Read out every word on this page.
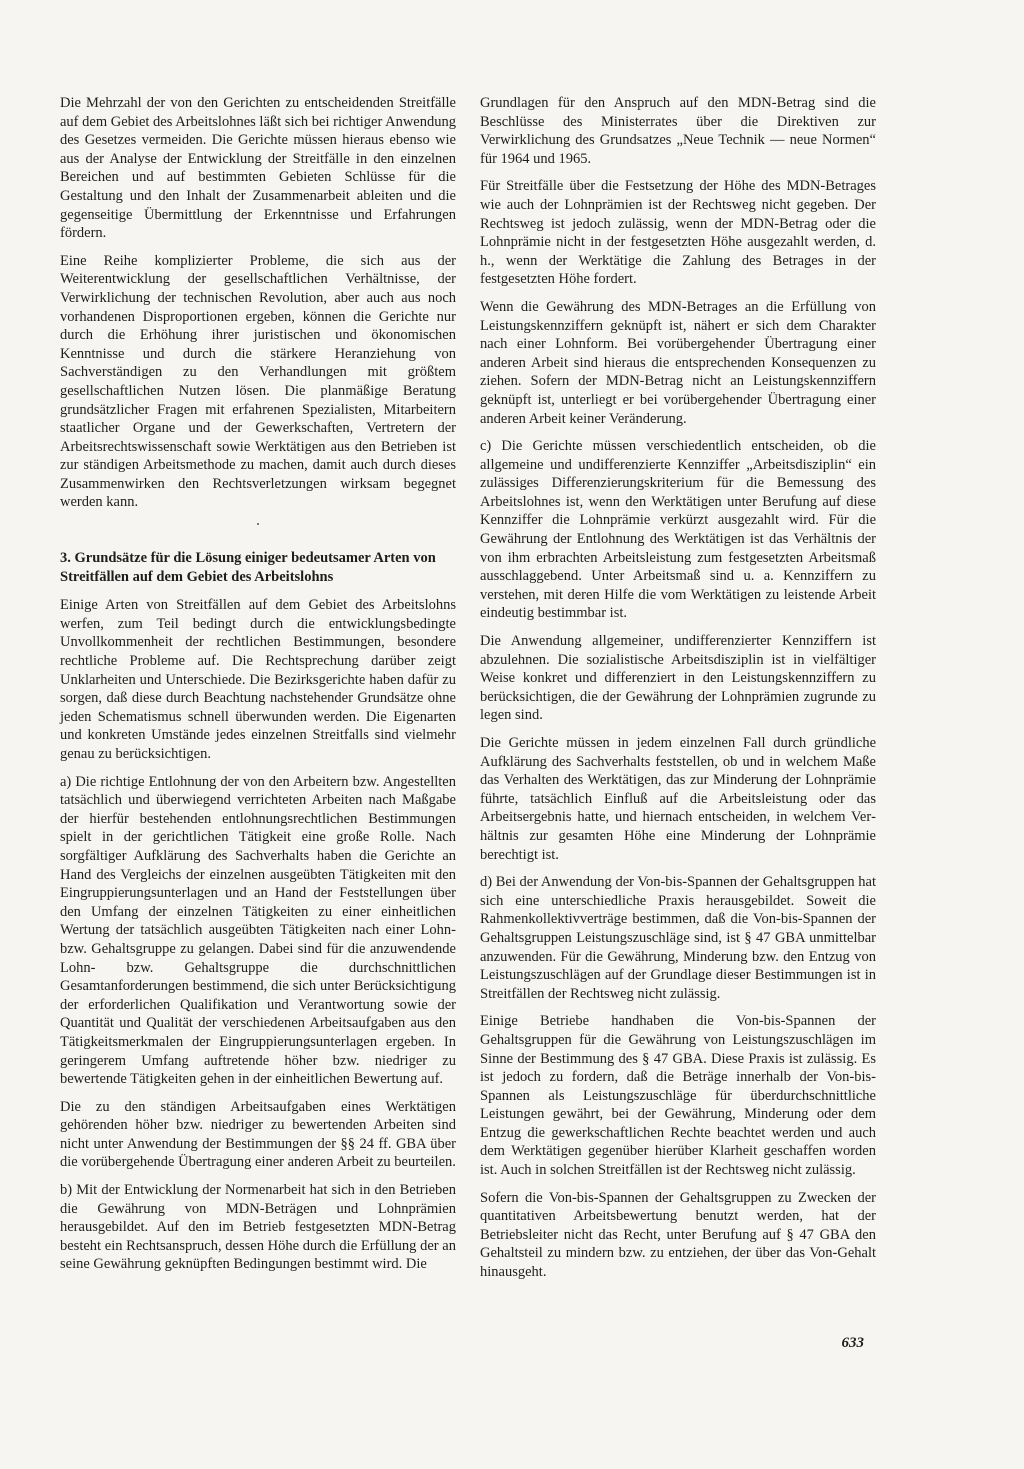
Die Mehrzahl der von den Gerichten zu entscheidenden Streitfälle auf dem Gebiet des Arbeitslohnes läßt sich bei richtiger Anwendung des Gesetzes vermeiden. Die Gerichte müssen hieraus ebenso wie aus der Analyse der Entwicklung der Streitfälle in den einzelnen Bereichen und auf bestimmten Gebieten Schlüsse für die Gestaltung und den Inhalt der Zusammenarbeit ableiten und die gegenseitige Übermittlung der Erkenntnisse und Erfahrungen fördern.

Eine Reihe komplizierter Probleme, die sich aus der Weiterentwicklung der gesellschaftlichen Verhältnisse, der Verwirklichung der technischen Revolution, aber auch aus noch vorhandenen Disproportionen ergeben, können die Gerichte nur durch die Erhöhung ihrer juristischen und ökonomischen Kenntnisse und durch die stärkere Heranziehung von Sachverständigen zu den Verhandlungen mit größtem gesellschaftlichen Nutzen lösen. Die planmäßige Beratung grundsätzlicher Fragen mit erfahrenen Spezialisten, Mitarbeitern staatlicher Organe und der Gewerkschaften, Vertretern der Arbeitsrechtswissenschaft sowie Werktätigen aus den Betrieben ist zur ständigen Arbeitsmethode zu machen, damit auch durch dieses Zusammenwirken den Rechtsverletzungen wirksam begegnet werden kann.

•
3. Grundsätze für die Lösung einiger bedeutsamer Arten von Streitfällen auf dem Gebiet des Arbeitslohns

Einige Arten von Streitfällen auf dem Gebiet des Arbeitslohns werfen, zum Teil bedingt durch die entwicklungsbedingte Unvollkommenheit der rechtlichen Bestimmungen, besondere rechtliche Probleme auf. Die Rechtsprechung darüber zeigt Unklarheiten und Unterschiede. Die Bezirksgerichte haben dafür zu sorgen, daß diese durch Beachtung nachstehender Grundsätze ohne jeden Schematismus schnell überwunden werden. Die Eigenarten und konkreten Umstände jedes einzelnen Streitfalls sind vielmehr genau zu berücksichtigen.

a) Die richtige Entlohnung der von den Arbeitern bzw. Angestellten tatsächlich und überwiegend verrichteten Arbeiten nach Maßgabe der hierfür bestehenden entlohnungsrechtlichen Bestimmungen spielt in der gerichtlichen Tätigkeit eine große Rolle. Nach sorgfältiger Aufklärung des Sachverhalts haben die Gerichte an Hand des Vergleichs der einzelnen ausgeübten Tätigkeiten mit den Eingruppierungsunterlagen und an Hand der Feststellungen über den Umfang der einzelnen Tätigkeiten zu einer einheitlichen Wertung der tatsächlich ausgeübten Tätigkeiten nach einer Lohn- bzw. Gehaltsgruppe zu gelangen. Dabei sind für die anzuwendende Lohn- bzw. Gehaltsgruppe die durchschnittlichen Gesamtanforderungen bestimmend, die sich unter Berücksichtigung der erforderlichen Qualifikation und Verantwortung sowie der Quantität und Qualität der verschiedenen Arbeitsaufgaben aus den Tätigkeitsmerkmalen der Eingruppierungsunterlagen ergeben. In geringerem Umfang auftretende höher bzw. niedriger zu bewertende Tätigkeiten gehen in der einheitlichen Bewertung auf.

Die zu den ständigen Arbeitsaufgaben eines Werktätigen gehörenden höher bzw. niedriger zu bewertenden Arbeiten sind nicht unter Anwendung der Bestimmungen der §§ 24 ff. GBA über die vorübergehende Übertragung einer anderen Arbeit zu beurteilen.

b) Mit der Entwicklung der Normenarbeit hat sich in den Betrieben die Gewährung von MDN-Beträgen und Lohnprämien herausgebildet. Auf den im Betrieb festgesetzten MDN-Betrag besteht ein Rechtsanspruch, dessen Höhe durch die Erfüllung der an seine Gewährung geknüpften Bedingungen bestimmt wird. Die

Grundlagen für den Anspruch auf den MDN-Betrag sind die Beschlüsse des Ministerrates über die Direktiven zur Verwirklichung des Grundsatzes „Neue Technik — neue Normen“ für 1964 und 1965.

Für Streitfälle über die Festsetzung der Höhe des MDN-Betrages wie auch der Lohnprämien ist der Rechtsweg nicht gegeben. Der Rechtsweg ist jedoch zulässig, wenn der MDN-Betrag oder die Lohnprämie nicht in der festgesetzten Höhe ausgezahlt werden, d. h., wenn der Werktätige die Zahlung des Betrages in der festgesetzten Höhe fordert.

Wenn die Gewährung des MDN-Betrages an die Erfüllung von Leistungskennziffern geknüpft ist, nähert er sich dem Charakter nach einer Lohnform. Bei vorübergehender Übertragung einer anderen Arbeit sind hieraus die entsprechenden Konsequenzen zu ziehen. Sofern der MDN-Betrag nicht an Leistungskennziffern geknüpft ist, unterliegt er bei vorübergehender Übertragung einer anderen Arbeit keiner Veränderung.

c) Die Gerichte müssen verschiedentlich entscheiden, ob die allgemeine und undifferenzierte Kennziffer „Arbeitsdisziplin“ ein zulässiges Differenzierungskriterium für die Bemessung des Arbeitslohnes ist, wenn den Werktätigen unter Berufung auf diese Kennziffer die Lohnprämie verkürzt ausgezahlt wird. Für die Gewährung der Entlohnung des Werktätigen ist das Verhältnis der von ihm erbrachten Arbeitsleistung zum festgesetzten Arbeitsmaß ausschlaggebend. Unter Arbeitsmaß sind u. a. Kennziffern zu verstehen, mit deren Hilfe die vom Werktätigen zu leistende Arbeit eindeutig bestimmbar ist.

Die Anwendung allgemeiner, undifferenzierter Kennziffern ist abzulehnen. Die sozialistische Arbeitsdisziplin ist in vielfältiger Weise konkret und differenziert in den Leistungskennziffern zu berücksichtigen, die der Gewährung der Lohnprämien zugrunde zu legen sind.

Die Gerichte müssen in jedem einzelnen Fall durch gründliche Aufklärung des Sachverhalts feststellen, ob und in welchem Maße das Verhalten des Werktätigen, das zur Minderung der Lohnprämie führte, tatsächlich Einfluß auf die Arbeitsleistung oder das Arbeitsergebnis hatte, und hiernach entscheiden, in welchem Verhältnis zur gesamten Höhe eine Minderung der Lohnprämie berechtigt ist.

d) Bei der Anwendung der Von-bis-Spannen der Gehaltsgruppen hat sich eine unterschiedliche Praxis herausgebildet. Soweit die Rahmenkollektivverträge bestimmen, daß die Von-bis-Spannen der Gehaltsgruppen Leistungszuschläge sind, ist § 47 GBA unmittelbar anzuwenden. Für die Gewährung, Minderung bzw. den Entzug von Leistungszuschlägen auf der Grundlage dieser Bestimmungen ist in Streitfällen der Rechtsweg nicht zulässig.

Einige Betriebe handhaben die Von-bis-Spannen der Gehaltsgruppen für die Gewährung von Leistungszuschlägen im Sinne der Bestimmung des § 47 GBA. Diese Praxis ist zulässig. Es ist jedoch zu fordern, daß die Beträge innerhalb der Von-bis-Spannen als Leistungszuschläge für überdurchschnittliche Leistungen gewährt, bei der Gewährung, Minderung oder dem Entzug die gewerkschaftlichen Rechte beachtet werden und auch dem Werktätigen gegenüber hierüber Klarheit geschaffen worden ist. Auch in solchen Streitfällen ist der Rechtsweg nicht zulässig.

Sofern die Von-bis-Spannen der Gehaltsgruppen zu Zwecken der quantitativen Arbeitsbewertung benutzt werden, hat der Betriebsleiter nicht das Recht, unter Berufung auf § 47 GBA den Gehaltsteil zu mindern bzw. zu entziehen, der über das Von-Gehalt hinausgeht.

633
